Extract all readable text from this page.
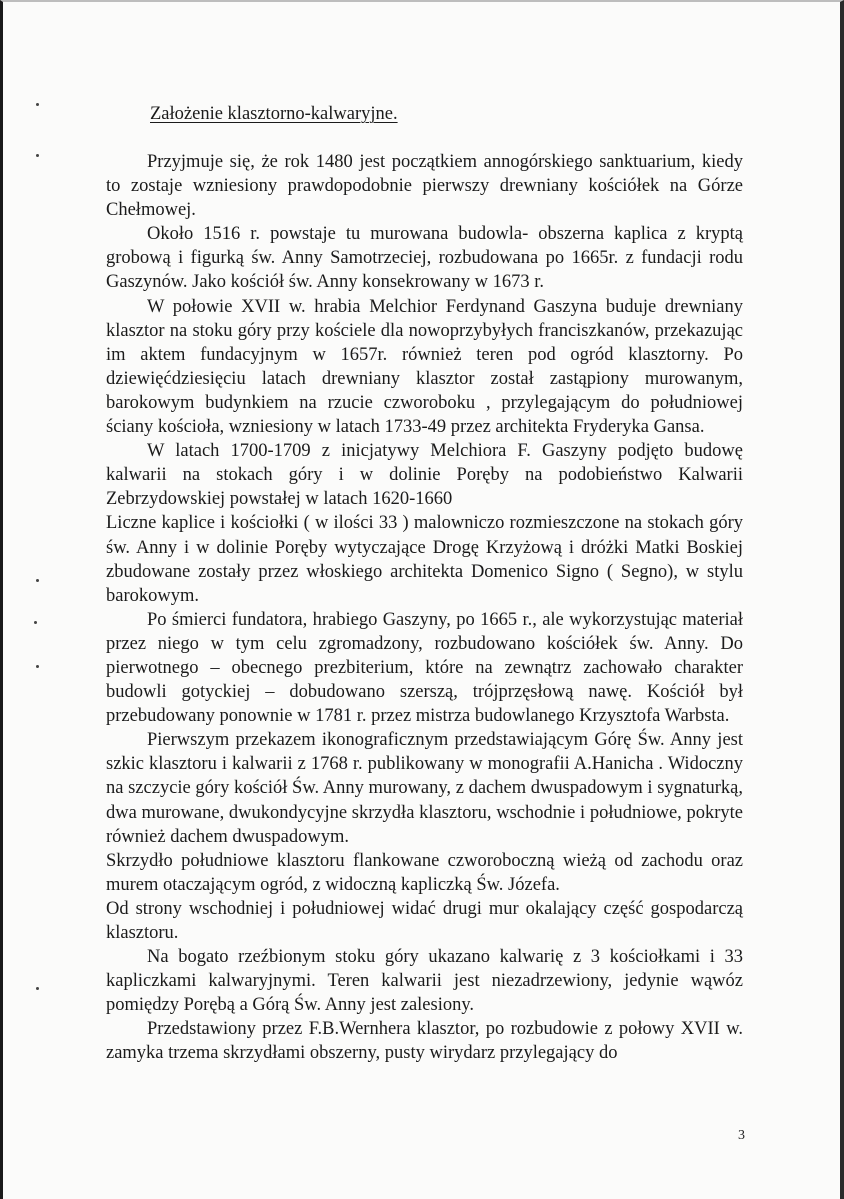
Założenie klasztorno-kalwaryjne.

Przyjmuje się, że rok 1480 jest początkiem annogórskiego sanktuarium, kiedy to zostaje wzniesiony prawdopodobnie pierwszy drewniany kościółek na Górze Chełmowej.

Około 1516 r. powstaje tu murowana budowla- obszerna kaplica z kryptą grobową i figurką św. Anny Samotrzeciej, rozbudowana po 1665r. z fundacji rodu Gaszynów. Jako kościół św. Anny konsekrowany w 1673 r.

W połowie XVII w. hrabia Melchior Ferdynand Gaszyna buduje drewniany klasztor na stoku góry przy kościele dla nowoprzybyłych franciszkanów, przekazując im aktem fundacyjnym w 1657r. również teren pod ogród klasztorny. Po dziewięćdziesięciu latach drewniany klasztor został zastąpiony murowanym, barokowym budynkiem na rzucie czworoboku , przylegającym do południowej ściany kościoła, wzniesiony w latach 1733-49 przez architekta Fryderyka Gansa.

W latach 1700-1709 z inicjatywy Melchiora F. Gaszyny podjęto budowę kalwarii na stokach góry i w dolinie Poręby na podobieństwo Kalwarii Zebrzydowskiej powstałej w latach 1620-1660

Liczne kaplice i kościołki ( w ilości 33 ) malowniczo rozmieszczone na stokach góry św. Anny i w dolinie Poręby wytyczające Drogę Krzyżową i dróżki Matki Boskiej zbudowane zostały przez włoskiego architekta Domenico Signo ( Segno), w stylu barokowym.

Po śmierci fundatora, hrabiego Gaszyny, po 1665 r., ale wykorzystując materiał przez niego w tym celu zgromadzony, rozbudowano kościółek św. Anny. Do pierwotnego – obecnego prezbiterium, które na zewnątrz zachowało charakter budowli gotyckiej – dobudowano szerszą, trójprzęsłową nawę. Kościół był przebudowany ponownie w 1781 r. przez mistrza budowlanego Krzysztofa Warbsta.

Pierwszym przekazem ikonograficznym przedstawiającym Górę Św. Anny jest szkic klasztoru i kalwarii z 1768 r. publikowany w monografii A.Hanicha . Widoczny na szczycie góry kościół Św. Anny murowany, z dachem dwuspadowym i sygnaturką, dwa murowane, dwukondycyjne skrzydła klasztoru, wschodnie i południowe, pokryte również dachem dwuspadowym.

Skrzydło południowe klasztoru flankowane czworoboczną wieżą od zachodu oraz murem otaczającym ogród, z widoczną kapliczką Św. Józefa.

Od strony wschodniej i południowej widać drugi mur okalający część gospodarczą klasztoru.

Na bogato rzeźbionym stoku góry ukazano kalwarię z 3 kościołkami i 33 kapliczkami kalwaryjnymi. Teren kalwarii jest niezadrzewiony, jedynie wąwóz pomiędzy Porębą a Górą Św. Anny jest zalesiony.

Przedstawiony przez F.B.Wernhera klasztor, po rozbudowie z połowy XVII w. zamyka trzema skrzydłami obszerny, pusty wirydarz przylegający do

3
